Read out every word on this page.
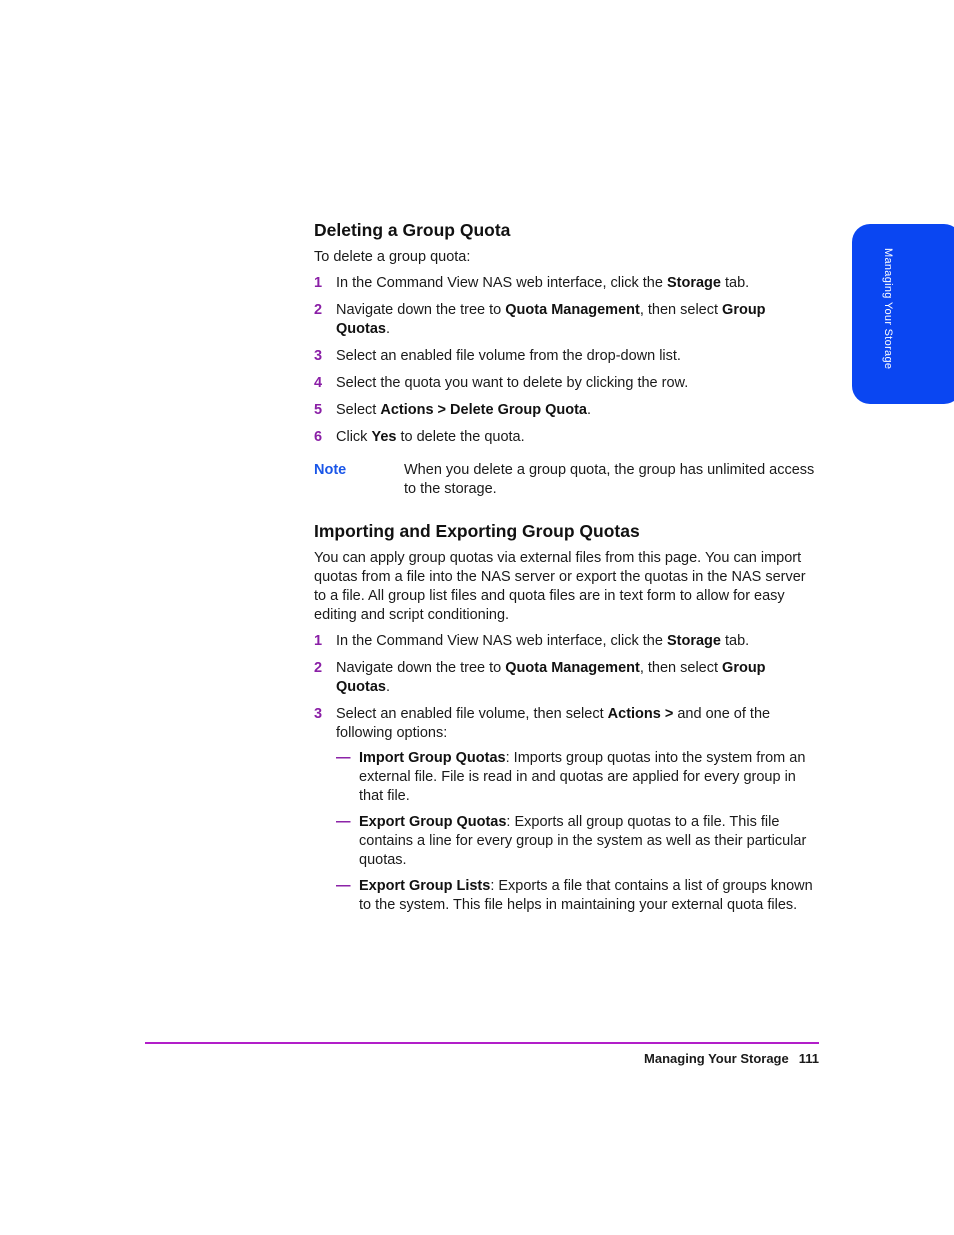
Managing Your Storage
Deleting a Group Quota

To delete a group quota:

1 In the Command View NAS web interface, click the Storage tab.
2 Navigate down the tree to Quota Management, then select Group Quotas.
3 Select an enabled file volume from the drop-down list.
4 Select the quota you want to delete by clicking the row.
5 Select Actions > Delete Group Quota.
6 Click Yes to delete the quota.
Note	When you delete a group quota, the group has unlimited access to the storage.
Importing and Exporting Group Quotas

You can apply group quotas via external files from this page. You can import quotas from a file into the NAS server or export the quotas in the NAS server to a file. All group list files and quota files are in text form to allow for easy editing and script conditioning.

1 In the Command View NAS web interface, click the Storage tab.
2 Navigate down the tree to Quota Management, then select Group Quotas.
3 Select an enabled file volume, then select Actions > and one of the following options:
— Import Group Quotas: Imports group quotas into the system from an external file. File is read in and quotas are applied for every group in that file.
— Export Group Quotas: Exports all group quotas to a file. This file contains a line for every group in the system as well as their particular quotas.
— Export Group Lists: Exports a file that contains a list of groups known to the system. This file helps in maintaining your external quota files.
Managing Your Storage 111
